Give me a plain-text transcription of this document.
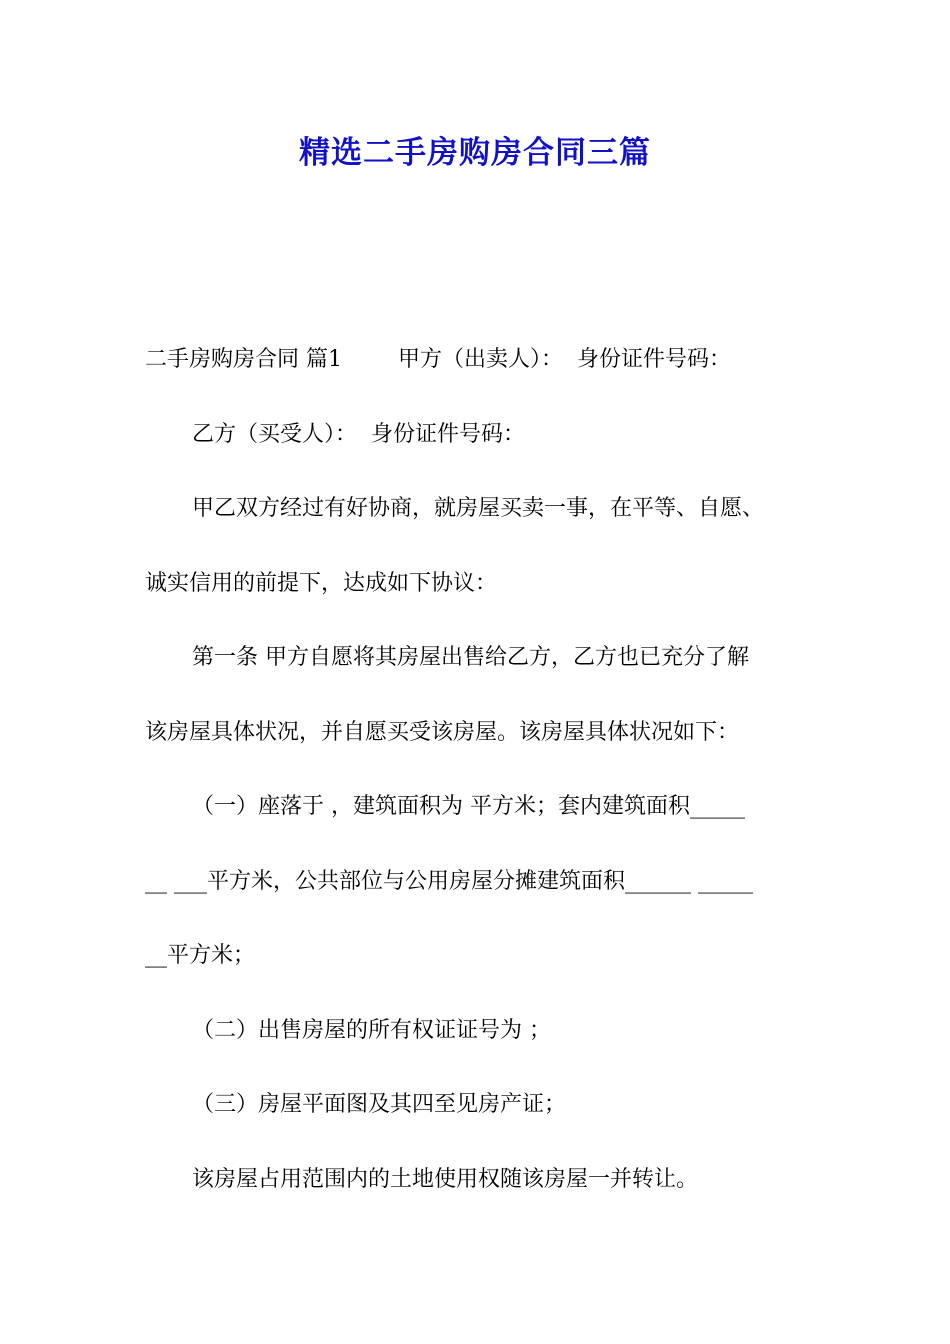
精选二手房购房合同三篇

二手房购房合同 篇1	甲方（出卖人）： 身份证件号码：

乙方（买受人）： 身份证件号码：

甲乙双方经过有好协商，就房屋买卖一事，在平等、自愿、

诚实信用的前提下，达成如下协议：

第一条 甲方自愿将其房屋出售给乙方，乙方也已充分了解

该房屋具体状况，并自愿买受该房屋。该房屋具体状况如下：

（一）座落于 ，建筑面积为 平方米；套内建筑面积_____

__ ___平方米，公共部位与公用房屋分摊建筑面积______ _____

__平方米；

（二）出售房屋的所有权证证号为 ；

（三）房屋平面图及其四至见房产证；

该房屋占用范围内的土地使用权随该房屋一并转让。
